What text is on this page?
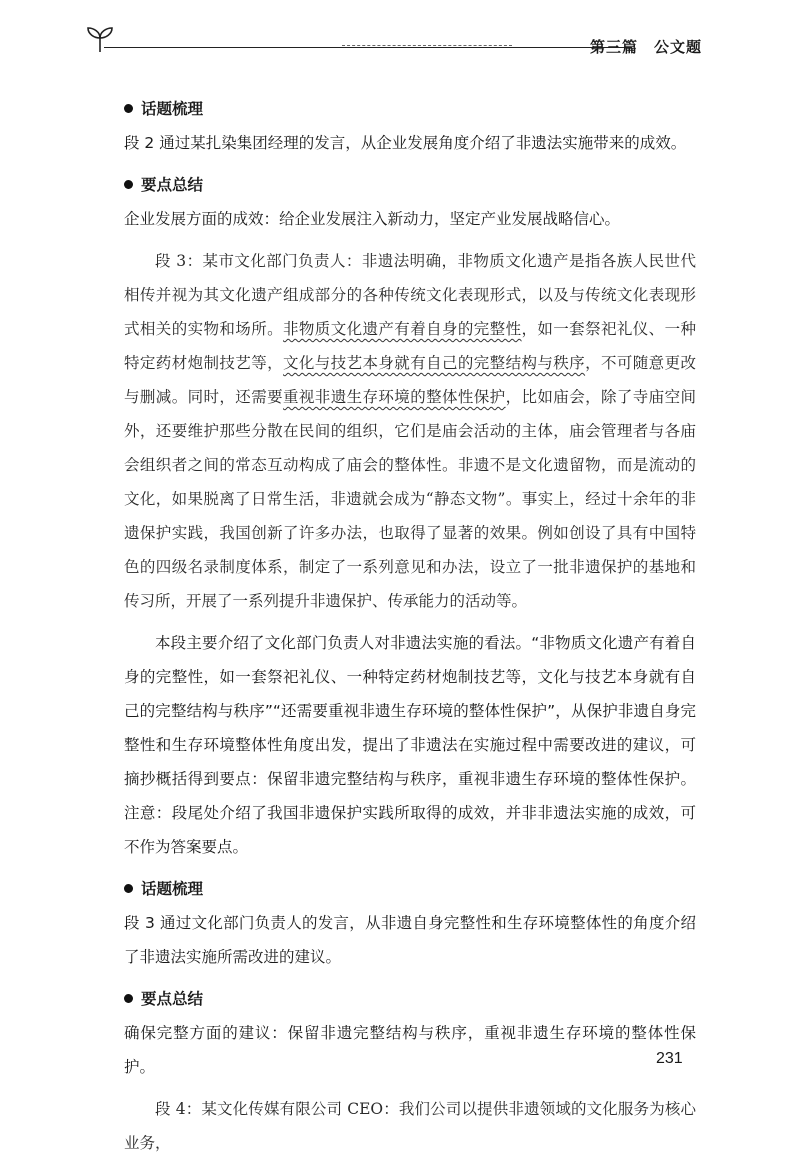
第三篇 公文题
话题梳理

段 2 通过某扎染集团经理的发言，从企业发展角度介绍了非遗法实施带来的成效。

要点总结

企业发展方面的成效：给企业发展注入新动力，坚定产业发展战略信心。

段 3：某市文化部门负责人：非遗法明确，非物质文化遗产是指各族人民世代相传并视为其文化遗产组成部分的各种传统文化表现形式，以及与传统文化表现形式相关的实物和场所。非物质文化遗产有着自身的完整性，如一套祭祀礼仪、一种特定药材炮制技艺等，文化与技艺本身就有自己的完整结构与秩序，不可随意更改与删减。同时，还需要重视非遗生存环境的整体性保护，比如庙会，除了寺庙空间外，还要维护那些分散在民间的组织，它们是庙会活动的主体，庙会管理者与各庙会组织者之间的常态互动构成了庙会的整体性。非遗不是文化遗留物，而是流动的文化，如果脱离了日常生活，非遗就会成为“静态文物”。事实上，经过十余年的非遗保护实践，我国创新了许多办法，也取得了显著的效果。例如创设了具有中国特色的四级名录制度体系，制定了一系列意见和办法，设立了一批非遗保护的基地和传习所，开展了一系列提升非遗保护、传承能力的活动等。

本段主要介绍了文化部门负责人对非遗法实施的看法。“非物质文化遗产有着自身的完整性，如一套祭祀礼仪、一种特定药材炮制技艺等，文化与技艺本身就有自己的完整结构与秩序”“还需要重视非遗生存环境的整体性保护”，从保护非遗自身完整性和生存环境整体性角度出发，提出了非遗法在实施过程中需要改进的建议，可摘抄概括得到要点：保留非遗完整结构与秩序，重视非遗生存环境的整体性保护。注意：段尾处介绍了我国非遗保护实践所取得的成效，并非非遗法实施的成效，可不作为答案要点。

话题梳理

段 3 通过文化部门负责人的发言，从非遗自身完整性和生存环境整体性的角度介绍了非遗法实施所需改进的建议。

要点总结

确保完整方面的建议：保留非遗完整结构与秩序，重视非遗生存环境的整体性保护。

段 4：某文化传媒有限公司 CEO：我们公司以提供非遗领域的文化服务为核心业务，

231
